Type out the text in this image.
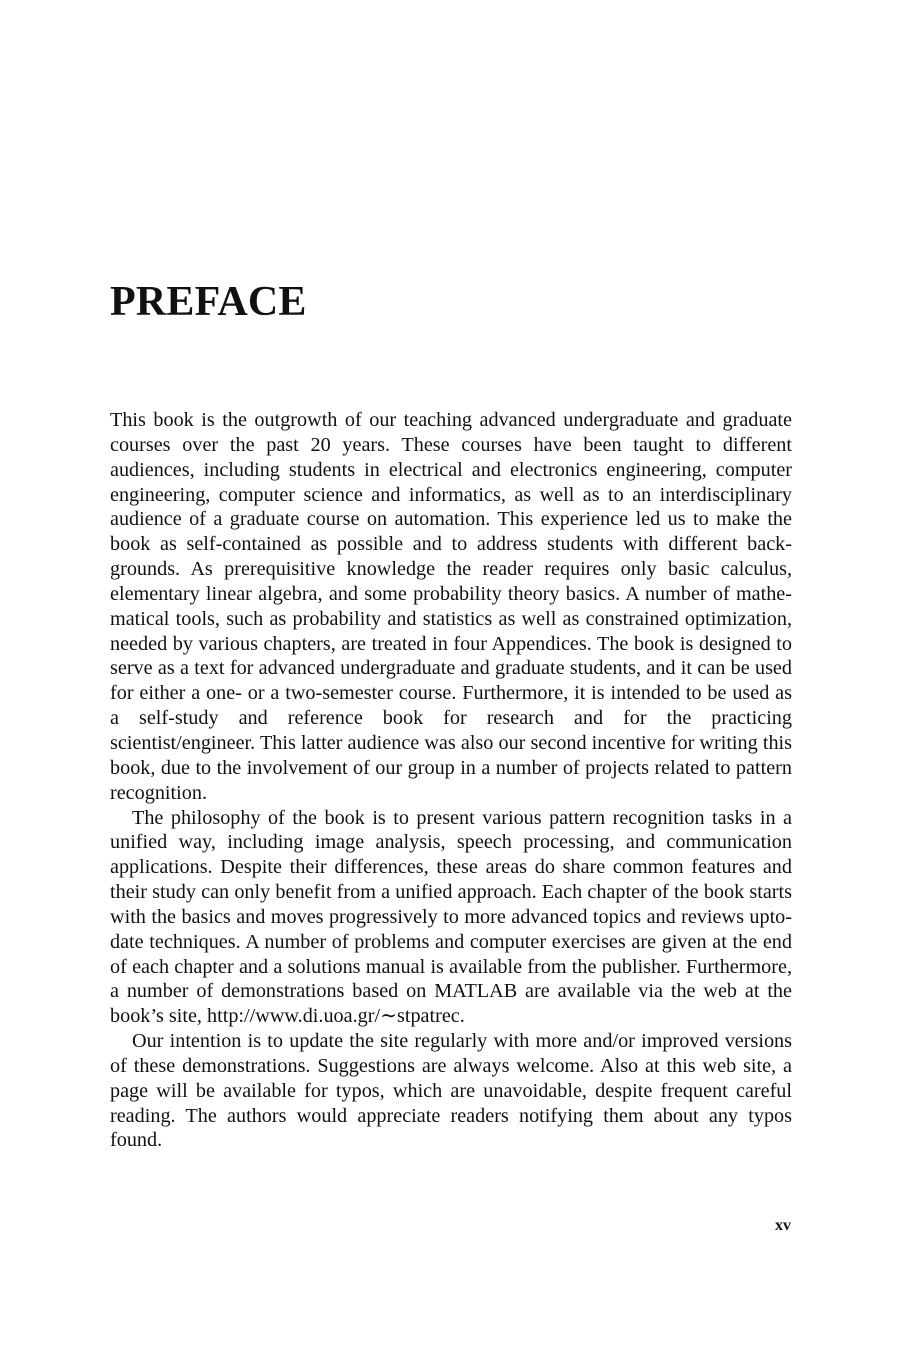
PREFACE

This book is the outgrowth of our teaching advanced undergraduate and graduate courses over the past 20 years. These courses have been taught to different audiences, including students in electrical and electronics engineering, computer engineering, computer science and informatics, as well as to an interdisciplinary audience of a graduate course on automation. This experience led us to make the book as self-contained as possible and to address students with different backgrounds. As prerequisitive knowledge the reader requires only basic calculus, elementary linear algebra, and some probability theory basics. A number of mathematical tools, such as probability and statistics as well as constrained optimization, needed by various chapters, are treated in four Appendices. The book is designed to serve as a text for advanced undergraduate and graduate students, and it can be used for either a one- or a two-semester course. Furthermore, it is intended to be used as a self-study and reference book for research and for the practicing scientist/engineer. This latter audience was also our second incentive for writing this book, due to the involvement of our group in a number of projects related to pattern recognition.

The philosophy of the book is to present various pattern recognition tasks in a unified way, including image analysis, speech processing, and communication applications. Despite their differences, these areas do share common features and their study can only benefit from a unified approach. Each chapter of the book starts with the basics and moves progressively to more advanced topics and reviews upto-date techniques. A number of problems and computer exercises are given at the end of each chapter and a solutions manual is available from the publisher. Furthermore, a number of demonstrations based on MATLAB are available via the web at the book’s site, http://www.di.uoa.gr/∼stpatrec.

Our intention is to update the site regularly with more and/or improved versions of these demonstrations. Suggestions are always welcome. Also at this web site, a page will be available for typos, which are unavoidable, despite frequent careful reading. The authors would appreciate readers notifying them about any typos found.

xv
